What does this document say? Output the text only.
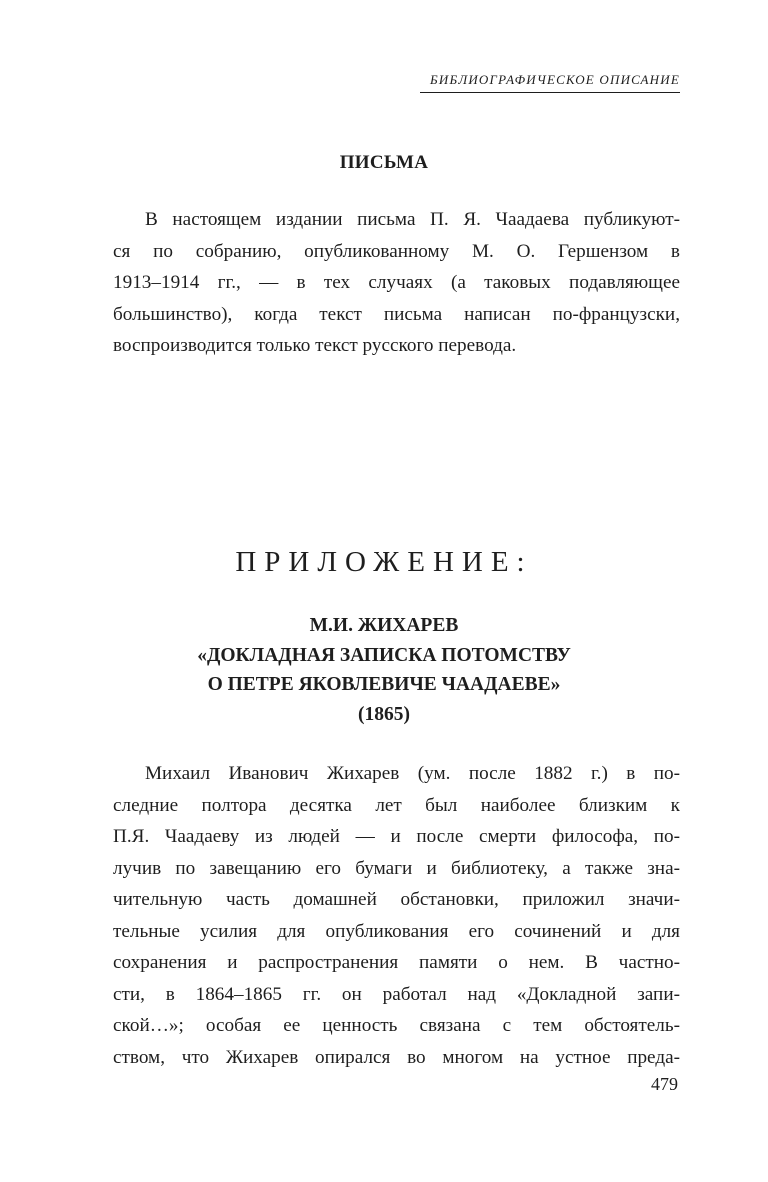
БИБЛИОГРАФИЧЕСКОЕ ОПИСАНИЕ
ПИСЬМА
В настоящем издании письма П. Я. Чаадаева публикуют-
ся по собранию, опубликованному М. О. Гершензом в
1913–1914 гг., — в тех случаях (а таковых подавляющее
большинство), когда текст письма написан по-французски,
воспроизводится только текст русского перевода.
ПРИЛОЖЕНИЕ:
М.И. ЖИХАРЕВ
«ДОКЛАДНАЯ ЗАПИСКА ПОТОМСТВУ
О ПЕТРЕ ЯКОВЛЕВИЧЕ ЧААДАЕВЕ»
(1865)
Михаил Иванович Жихарев (ум. после 1882 г.) в по-
следние полтора десятка лет был наиболее близким к
П.Я. Чаадаеву из людей — и после смерти философа, по-
лучив по завещанию его бумаги и библиотеку, а также зна-
чительную часть домашней обстановки, приложил значи-
тельные усилия для опубликования его сочинений и для
сохранения и распространения памяти о нем. В частно-
сти, в 1864–1865 гг. он работал над «Докладной запи-
ской…»; особая ее ценность связана с тем обстоятель-
ством, что Жихарев опирался во многом на устное преда-
479
